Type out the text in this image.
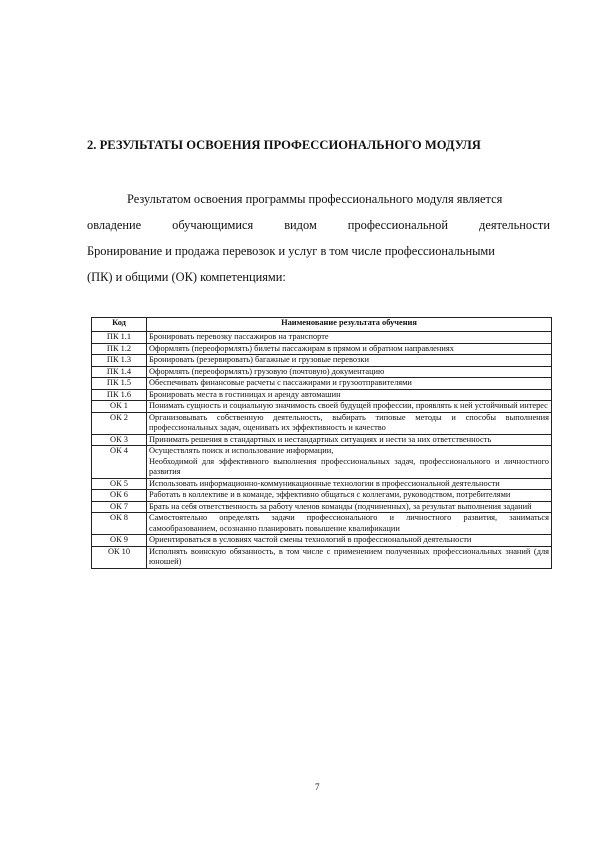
2. РЕЗУЛЬТАТЫ ОСВОЕНИЯ ПРОФЕССИОНАЛЬНОГО МОДУЛЯ
Результатом освоения программы профессионального модуля является
овладение	обучающимися	видом	профессиональной	деятельности
Бронирование и продажа перевозок и услуг в том числе профессиональными
(ПК) и общими (ОК) компетенциями:
Код	Наименование результата обучения
ПК 1.1	Бронировать перевозку пассажиров на транспорте
ПК 1.2	Оформлять (переоформлять) билеты пассажирам в прямом и обратном направлениях
ПК 1.3	Бронировать (резервировать) багажные и грузовые перевозки
ПК 1.4	Оформлять (переоформлять) грузовую (почтовую) документацию
ПК 1.5	Обеспечивать финансовые расчеты с пассажирами и грузоотправителями
ПК 1.6	Бронировать места в гостиницах и аренду автомашин
ОК 1	Понимать сущность и социальную значимость своей будущей профессии, проявлять к ней устойчивый интерес
ОК 2	Организовывать собственную деятельность, выбирать типовые методы и способы выполнения профессиональных задач, оценивать их эффективность и качество
ОК 3	Принимать решения в стандартных и нестандартных ситуациях и нести за них ответственность
ОК 4	Осуществлять поиск и использование информации,
Необходимой для эффективного выполнения профессиональных задач, профессионального и личностного развития
ОК 5	Использовать информационно-коммуникационные технологии в профессиональной деятельности
ОК 6	Работать в коллективе и в команде, эффективно общаться с коллегами, руководством, потребителями
ОК 7	Брать на себя ответственность за работу членов команды (подчиненных), за результат выполнения заданий
ОК 8	Самостоятельно определять задачи профессионального и личностного развития, заниматься самообразованием, осознанно планировать повышение квалификации
ОК 9	Ориентироваться в условиях частой смены технологий в профессиональной деятельности
ОК 10	Исполнять воинскую обязанность, в том числе с применением полученных профессиональных знаний (для юношей)
7
